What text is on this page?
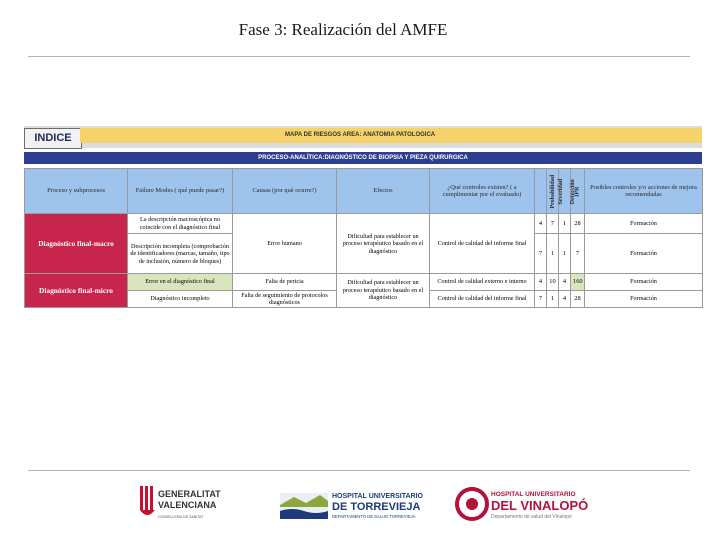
Fase 3: Realización del AMFE
INDICE	MAPA DE RIESGOS AREA: ANATOMIA PATOLOGICA
PROCESO-ANALÍTICA:DIAGNÓSTICO DE BIOPSIA Y PIEZA QUIRURGICA
Proceso y subprocesos	Failure Modes ( qué puede pasar?)	Causas (por qué ocurre?)	Efectos	¿Qué controles existen? ( a cumplimentar por el evaluado)	Probabilidad	Severidad	Detección	IPR	Posibles controles y/o acciones de mejora recomendadas
Diagnóstico final-macro	La descripción macroscópica no coincide con el diagnóstico final	Error humano	Dificultad para establecer un proceso terapéutico basado en el diagnóstico	Control de calidad del informe final	4	7	1	28	Formación
	Descripción incompleta (comprobación de identificadores (marcas, tamaño, tipo de inclusión, número de bloques)				7	1	1	7	Formación
Diagnóstico final-micro	Error en el diagnóstico final	Falta de pericia	Dificultad para establecer un proceso terapéutico basado en el diagnóstico	Control de calidad externo e interno	4	10	4	160	Formación
	Diagnóstico incompleto	Falta de seguimiento de protocolos diagnósticos		Control de calidad del informe final	7	1	4	28	Formación
GENERALITAT
VALENCIANA
CONSELLERIA DE SANITAT
HOSPITAL UNIVERSITARIO
DE TORREVIEJA
DEPARTAMENTO DE SALUD TORREVIEJA
HOSPITAL UNIVERSITARIO
DEL VINALOPÓ
Departamento de salud del Vinalopó
